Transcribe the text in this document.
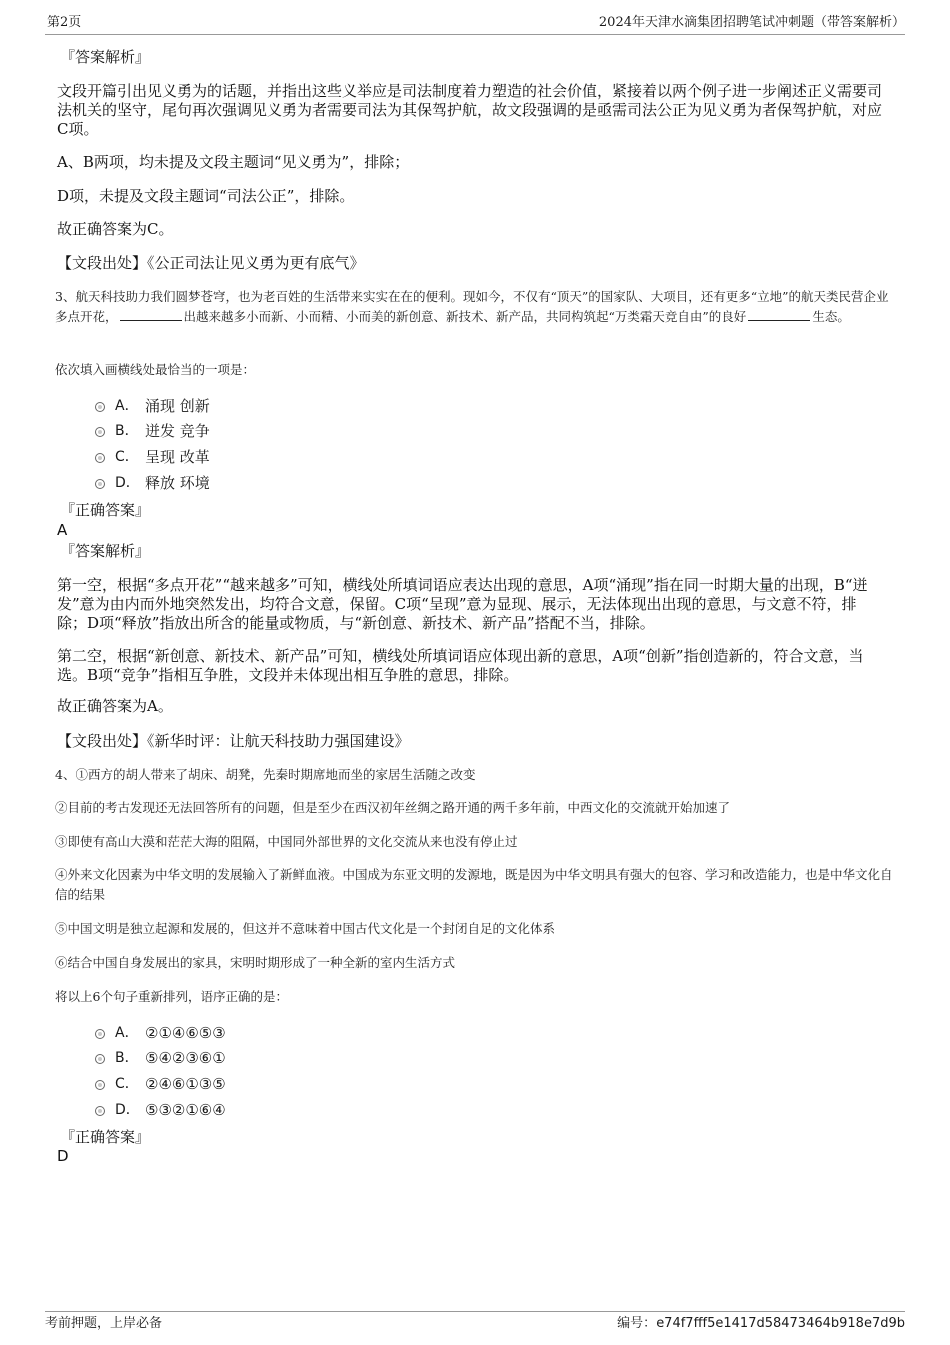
第2页	2024年天津水滴集团招聘笔试冲刺题（带答案解析）
『答案解析』
文段开篇引出见义勇为的话题，并指出这些义举应是司法制度着力塑造的社会价值，紧接着以两个例子进一步阐述正义需要司法机关的坚守，尾句再次强调见义勇为者需要司法为其保驾护航，故文段强调的是亟需司法公正为见义勇为者保驾护航，对应C项。
A、B两项，均未提及文段主题词“见义勇为”，排除；
D项，未提及文段主题词“司法公正”，排除。
故正确答案为C。
【文段出处】《公正司法让见义勇为更有底气》
3、航天科技助力我们圆梦苍穹，也为老百姓的生活带来实实在在的便利。现如今，不仅有“顶天”的国家队、大项目，还有更多“立地”的航天类民营企业多点开花，	出越来越多小而新、小而精、小而美的新创意、新技术、新产品，共同构筑起“万类霜天竞自由”的良好	生态。
依次填入画横线处最恰当的一项是：
A． 涌现 创新
B． 迸发 竞争
C． 呈现 改革
D． 释放 环境
『正确答案』
A
『答案解析』
第一空，根据“多点开花”“越来越多”可知，横线处所填词语应表达出现的意思，A项“涌现”指在同一时期大量的出现，B“迸发”意为由内而外地突然发出，均符合文意，保留。C项“呈现”意为显现、展示，无法体现出出现的意思，与文意不符，排除；D项“释放”指放出所含的能量或物质，与“新创意、新技术、新产品”搭配不当，排除。
第二空，根据“新创意、新技术、新产品”可知，横线处所填词语应体现出新的意思，A项“创新”指创造新的，符合文意，当选。B项“竞争”指相互争胜，文段并未体现出相互争胜的意思，排除。
故正确答案为A。
【文段出处】《新华时评：让航天科技助力强国建设》
4、①西方的胡人带来了胡床、胡凳，先秦时期席地而坐的家居生活随之改变
②目前的考古发现还无法回答所有的问题，但是至少在西汉初年丝绸之路开通的两千多年前，中西文化的交流就开始加速了
③即使有高山大漠和茫茫大海的阻隔，中国同外部世界的文化交流从来也没有停止过
④外来文化因素为中华文明的发展输入了新鲜血液。中国成为东亚文明的发源地，既是因为中华文明具有强大的包容、学习和改造能力，也是中华文化自信的结果
⑤中国文明是独立起源和发展的，但这并不意味着中国古代文化是一个封闭自足的文化体系
⑥结合中国自身发展出的家具，宋明时期形成了一种全新的室内生活方式
将以上6个句子重新排列，语序正确的是：
A． ②①④⑥⑤③
B． ⑤④②③⑥①
C． ②④⑥①③⑤
D． ⑤③②①⑥④
『正确答案』
D
考前押题，上岸必备	编号：e74f7fff5e1417d58473464b918e7d9b
